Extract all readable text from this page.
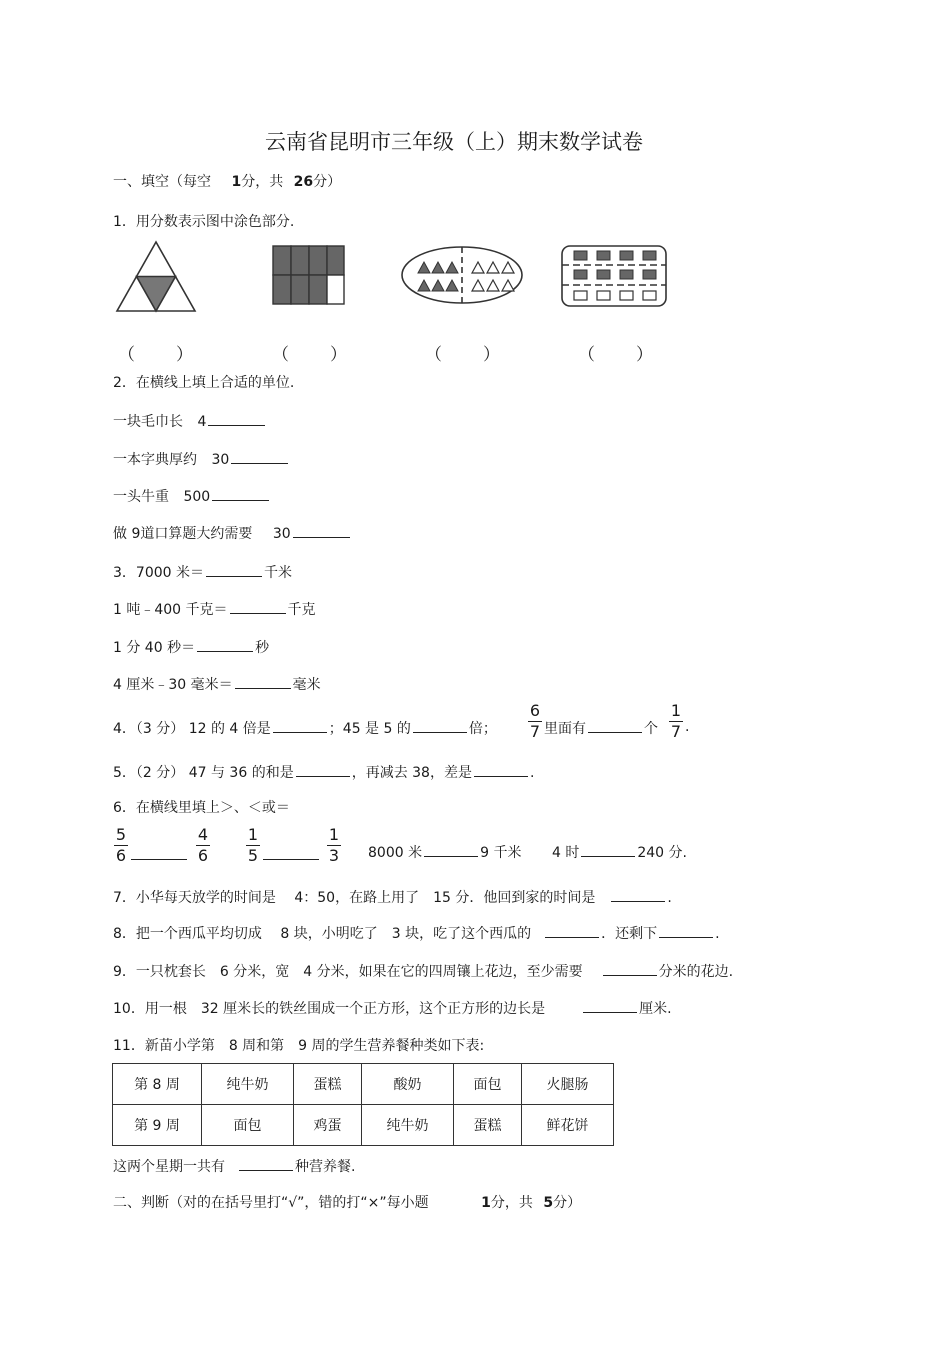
云南省昆明市三年级（上）期末数学试卷
一、填空（每空 1分，共 26分）
1．用分数表示图中涂色部分.
（ ）	（ ）	（ ）	（ ）
2．在横线上填上合适的单位.
一块毛巾长 4
一本字典厚约 30
一头牛重 500
做 9道口算题大约需要 30
3．7000 米＝	千米
1 吨﹣400 千克＝	千克
1 分 40 秒＝	秒
4 厘米﹣30 毫米＝	毫米
4．（3 分） 12 的 4 倍是	；45 是 5 的	倍；
6
7 里面有	个
1
7 .
5．（2 分） 47 与 36 的和是	，再减去 38，差是	.
6．在横线里填上＞、＜或＝
5
6
4
6
1
5
1
3 8000 米	9 千米 4 时	240 分.
7．小华每天放学的时间是　 4：50，在路上用了　15 分．他回到家的时间是	.
8．把一个西瓜平均切成　 8 块，小明吃了　3 块，吃了这个西瓜的	．还剩下	.
9．一只枕套长　6 分米，宽　4 分米，如果在它的四周镶上花边，至少需要	分米的花边.
10．用一根　32 厘米长的铁丝围成一个正方形，这个正方形的边长是	厘米.
11．新苗小学第　8 周和第　9 周的学生营养餐种类如下表:
第 8 周	纯牛奶	蛋糕	酸奶	面包	火腿肠
第 9 周	面包	鸡蛋	纯牛奶	蛋糕	鲜花饼
这两个星期一共有	种营养餐.
二、判断（对的在括号里打“√”，错的打“×”每小题	1分，共 5分）
